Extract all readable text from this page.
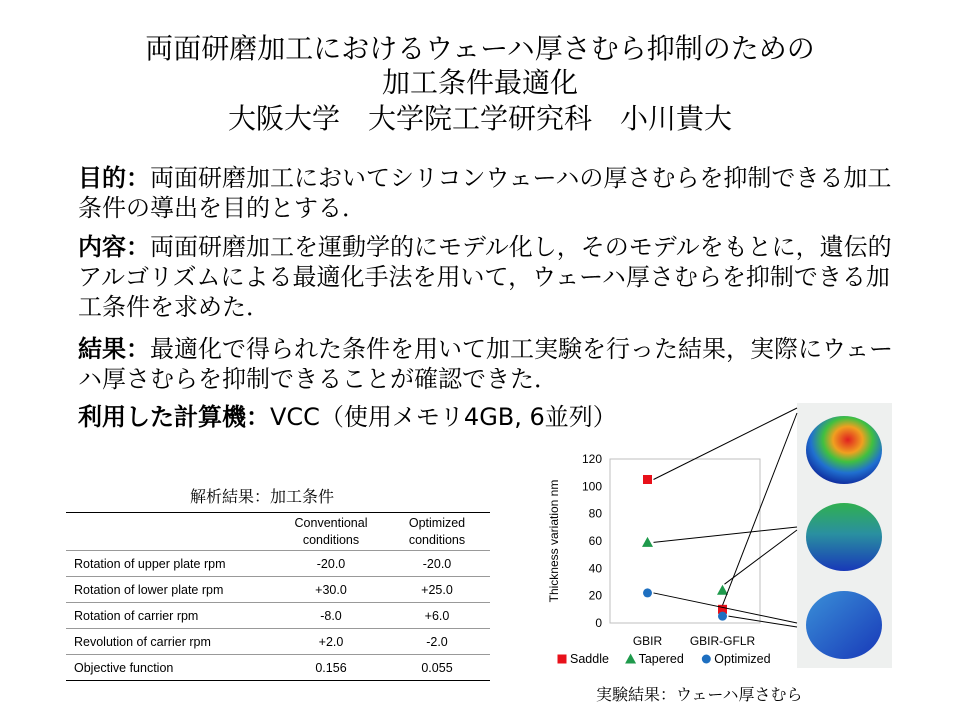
両面研磨加工におけるウェーハ厚さむら抑制のための
加工条件最適化
大阪大学　大学院工学研究科　小川貴大
目的：両面研磨加工においてシリコンウェーハの厚さむらを抑制できる加工条件の導出を目的とする．
内容：両面研磨加工を運動学的にモデル化し，そのモデルをもとに，遺伝的アルゴリズムによる最適化手法を用いて，ウェーハ厚さむらを抑制できる加工条件を求めた．
結果：最適化で得られた条件を用いて加工実験を行った結果，実際にウェーハ厚さむらを抑制できることが確認できた．
利用した計算機：VCC（使用メモリ4GB, 6並列）
解析結果：加工条件
	Conventional conditions	Optimized conditions
Rotation of upper plate rpm	-20.0	-20.0
Rotation of lower plate rpm	+30.0	+25.0
Rotation of carrier rpm	-8.0	+6.0
Revolution of carrier rpm	+2.0	-2.0
Objective function	0.156	0.055
0
20
40
60
80
100
120
GBIR GBIR-GFLR
Thickness variation nm
Saddle Tapered Optimized
実験結果：ウェーハ厚さむら
